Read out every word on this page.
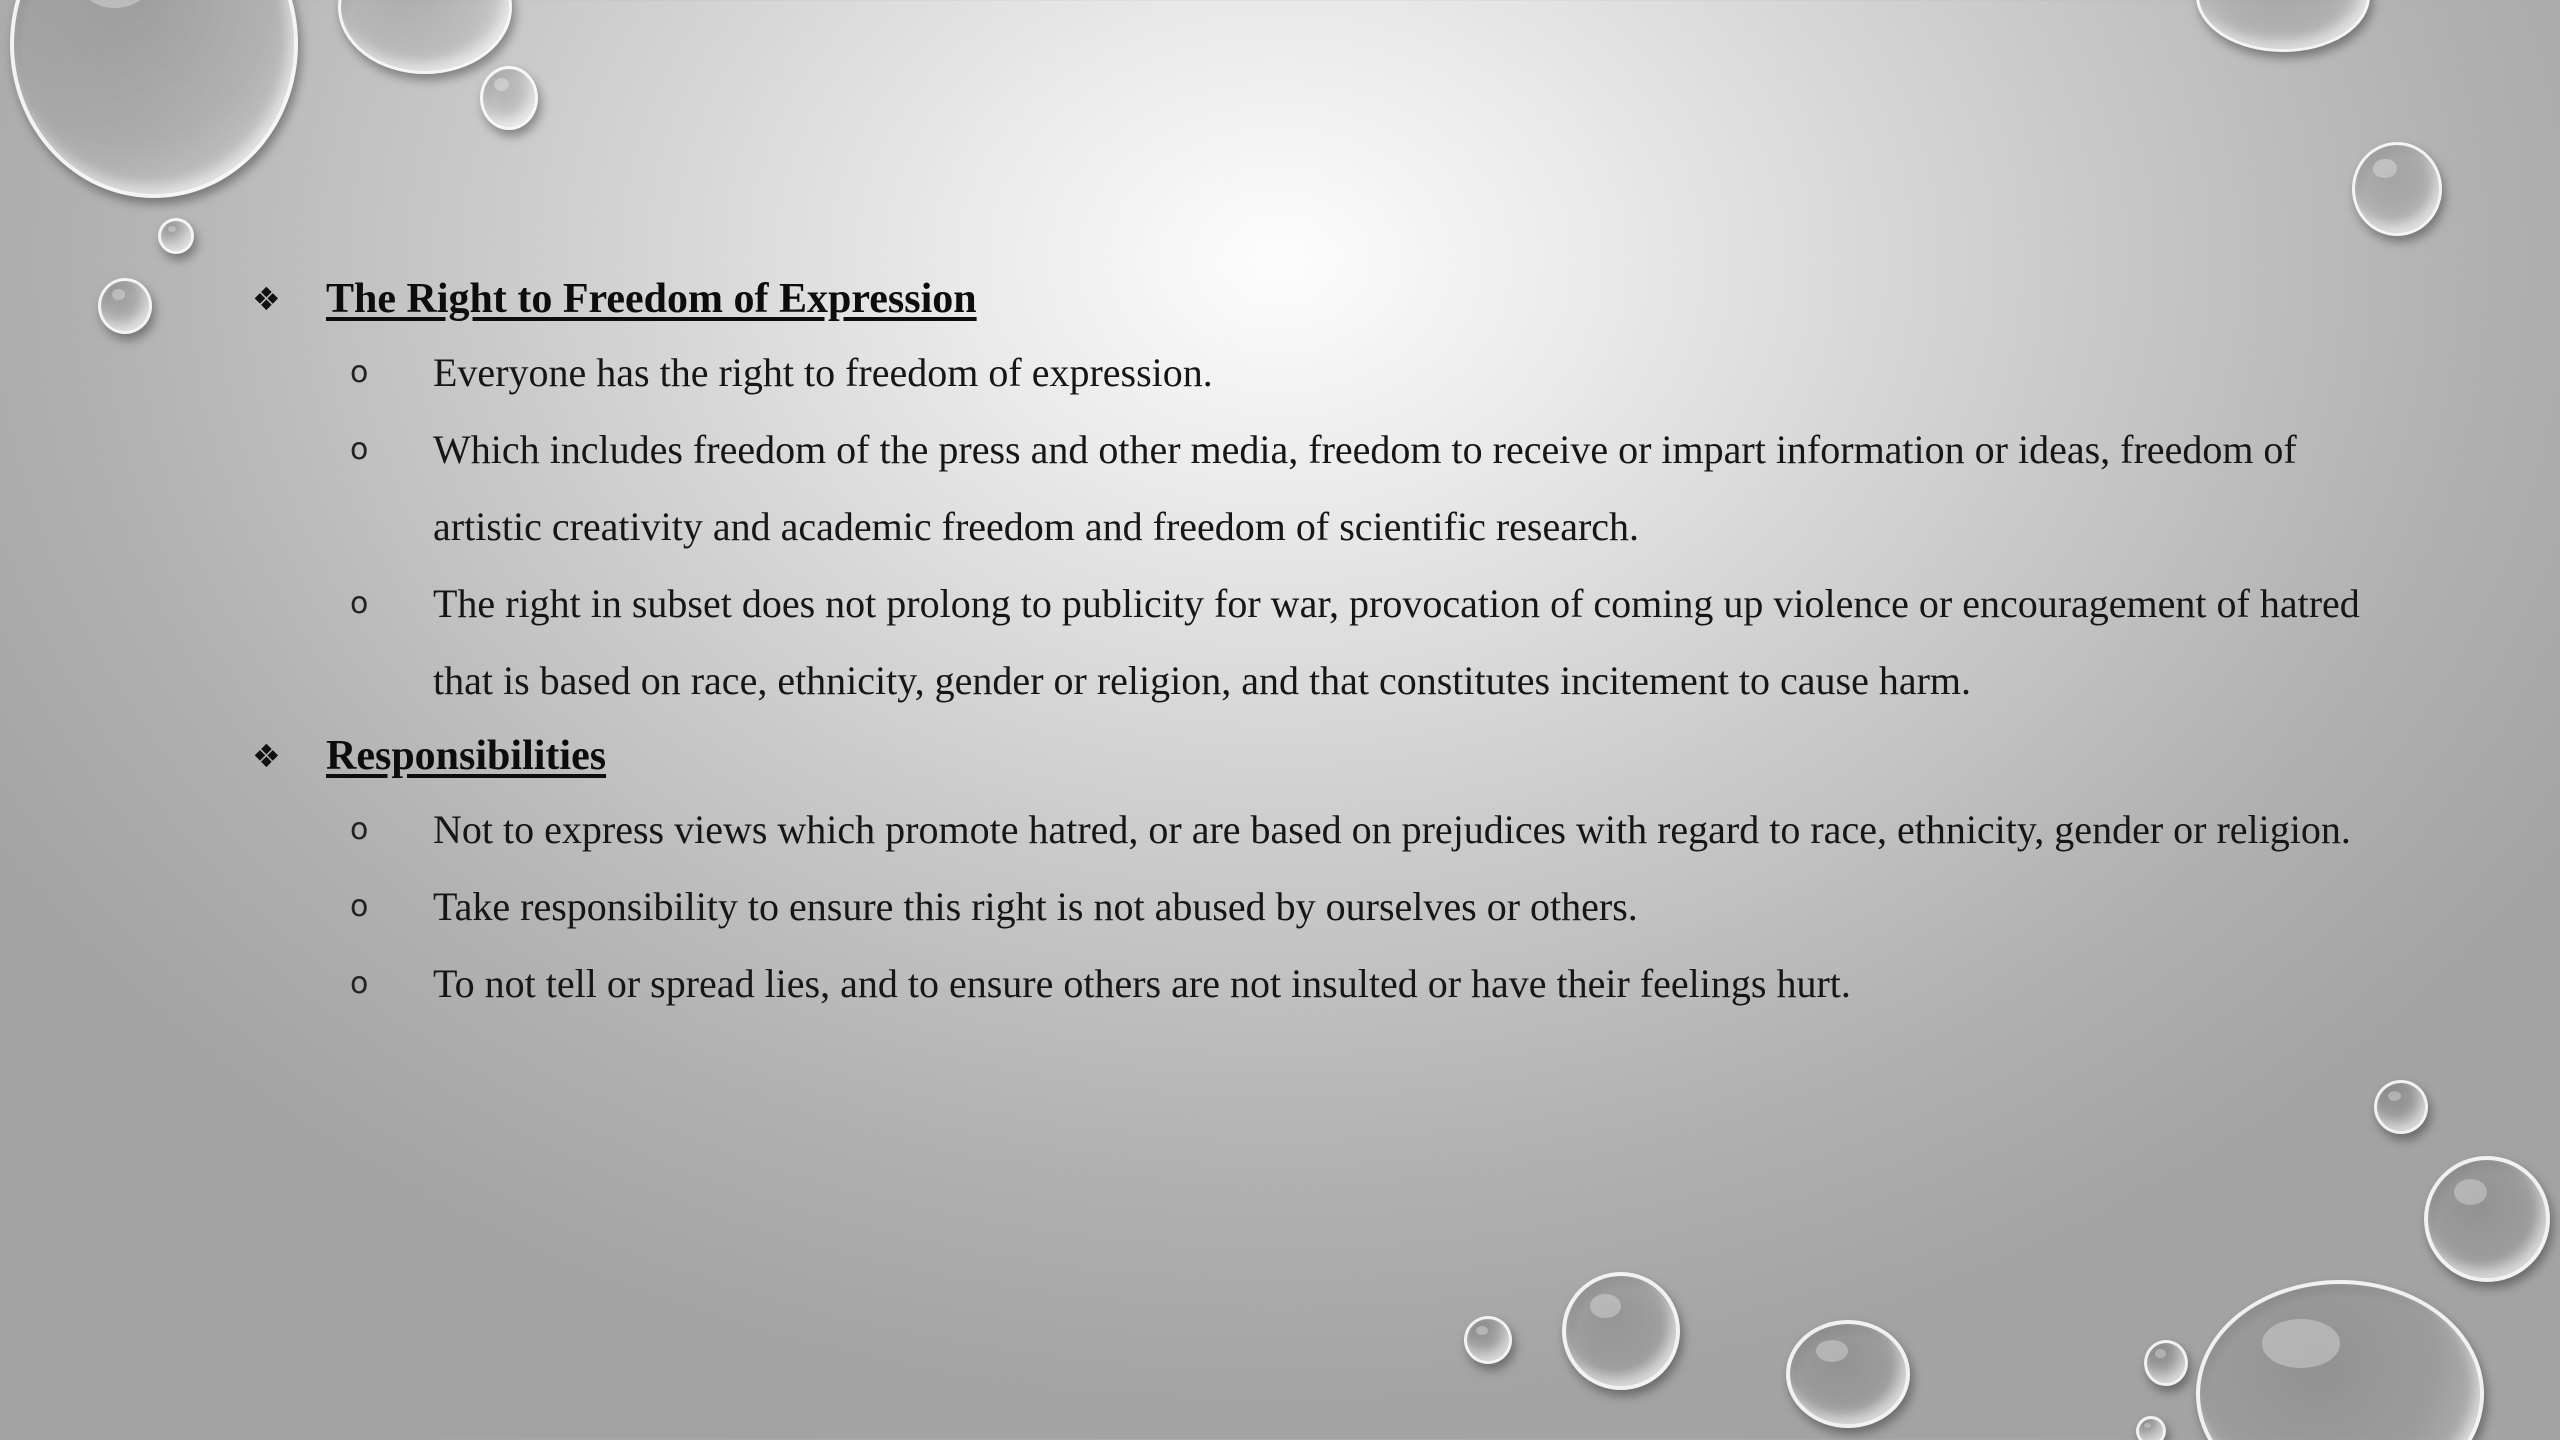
❖	The Right to Freedom of Expression
o	Everyone has the right to freedom of expression.
o	Which includes freedom of the press and other media, freedom to receive or impart information or ideas, freedom of artistic creativity and academic freedom and freedom of scientific research.
o	The right in subset does not prolong to publicity for war, provocation of coming up violence or encouragement of hatred that is based on race, ethnicity, gender or religion, and that constitutes incitement to cause harm.
❖	Responsibilities
o	Not to express views which promote hatred, or are based on prejudices with regard to race, ethnicity, gender or religion.
o	Take responsibility to ensure this right is not abused by ourselves or others.
o	To not tell or spread lies, and to ensure others are not insulted or have their feelings hurt.
